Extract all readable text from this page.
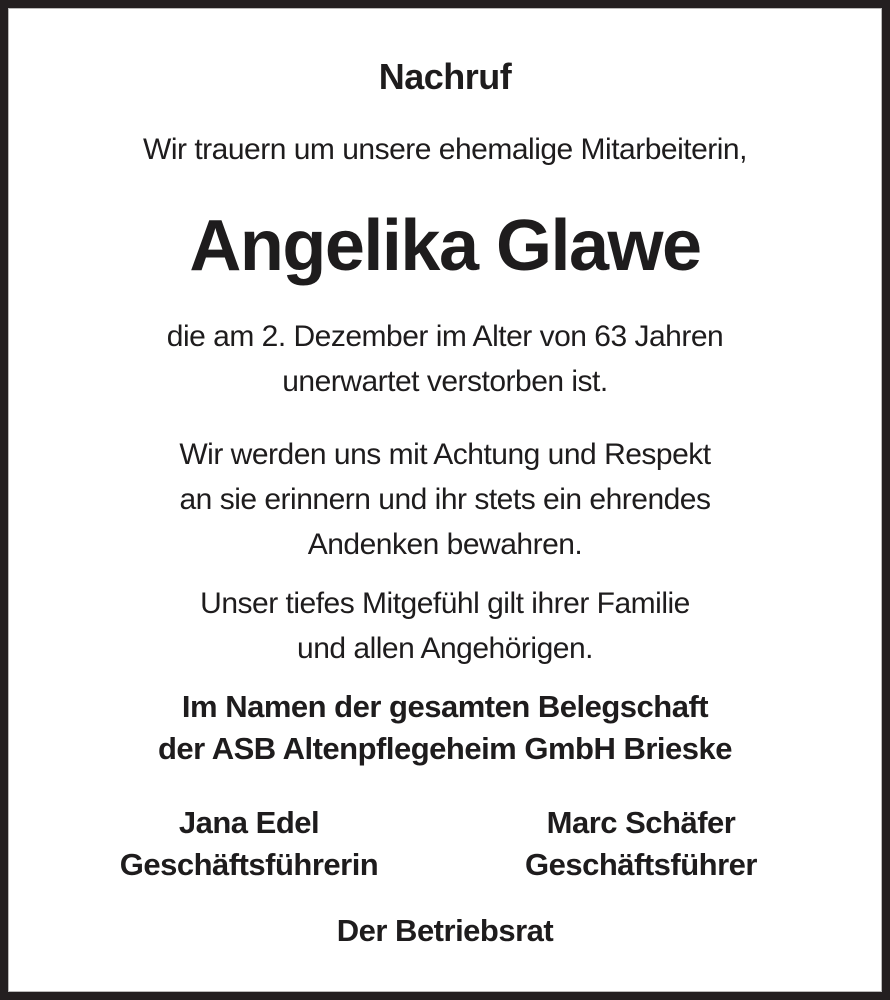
Nachruf
Wir trauern um unsere ehemalige Mitarbeiterin,
Angelika Glawe
die am 2. Dezember im Alter von 63 Jahren
unerwartet verstorben ist.
Wir werden uns mit Achtung und Respekt
an sie erinnern und ihr stets ein ehrendes
Andenken bewahren.
Unser tiefes Mitgefühl gilt ihrer Familie
und allen Angehörigen.
Im Namen der gesamten Belegschaft
der ASB Altenpflegeheim GmbH Brieske
Jana Edel
Geschäftsführerin
Marc Schäfer
Geschäftsführer
Der Betriebsrat
